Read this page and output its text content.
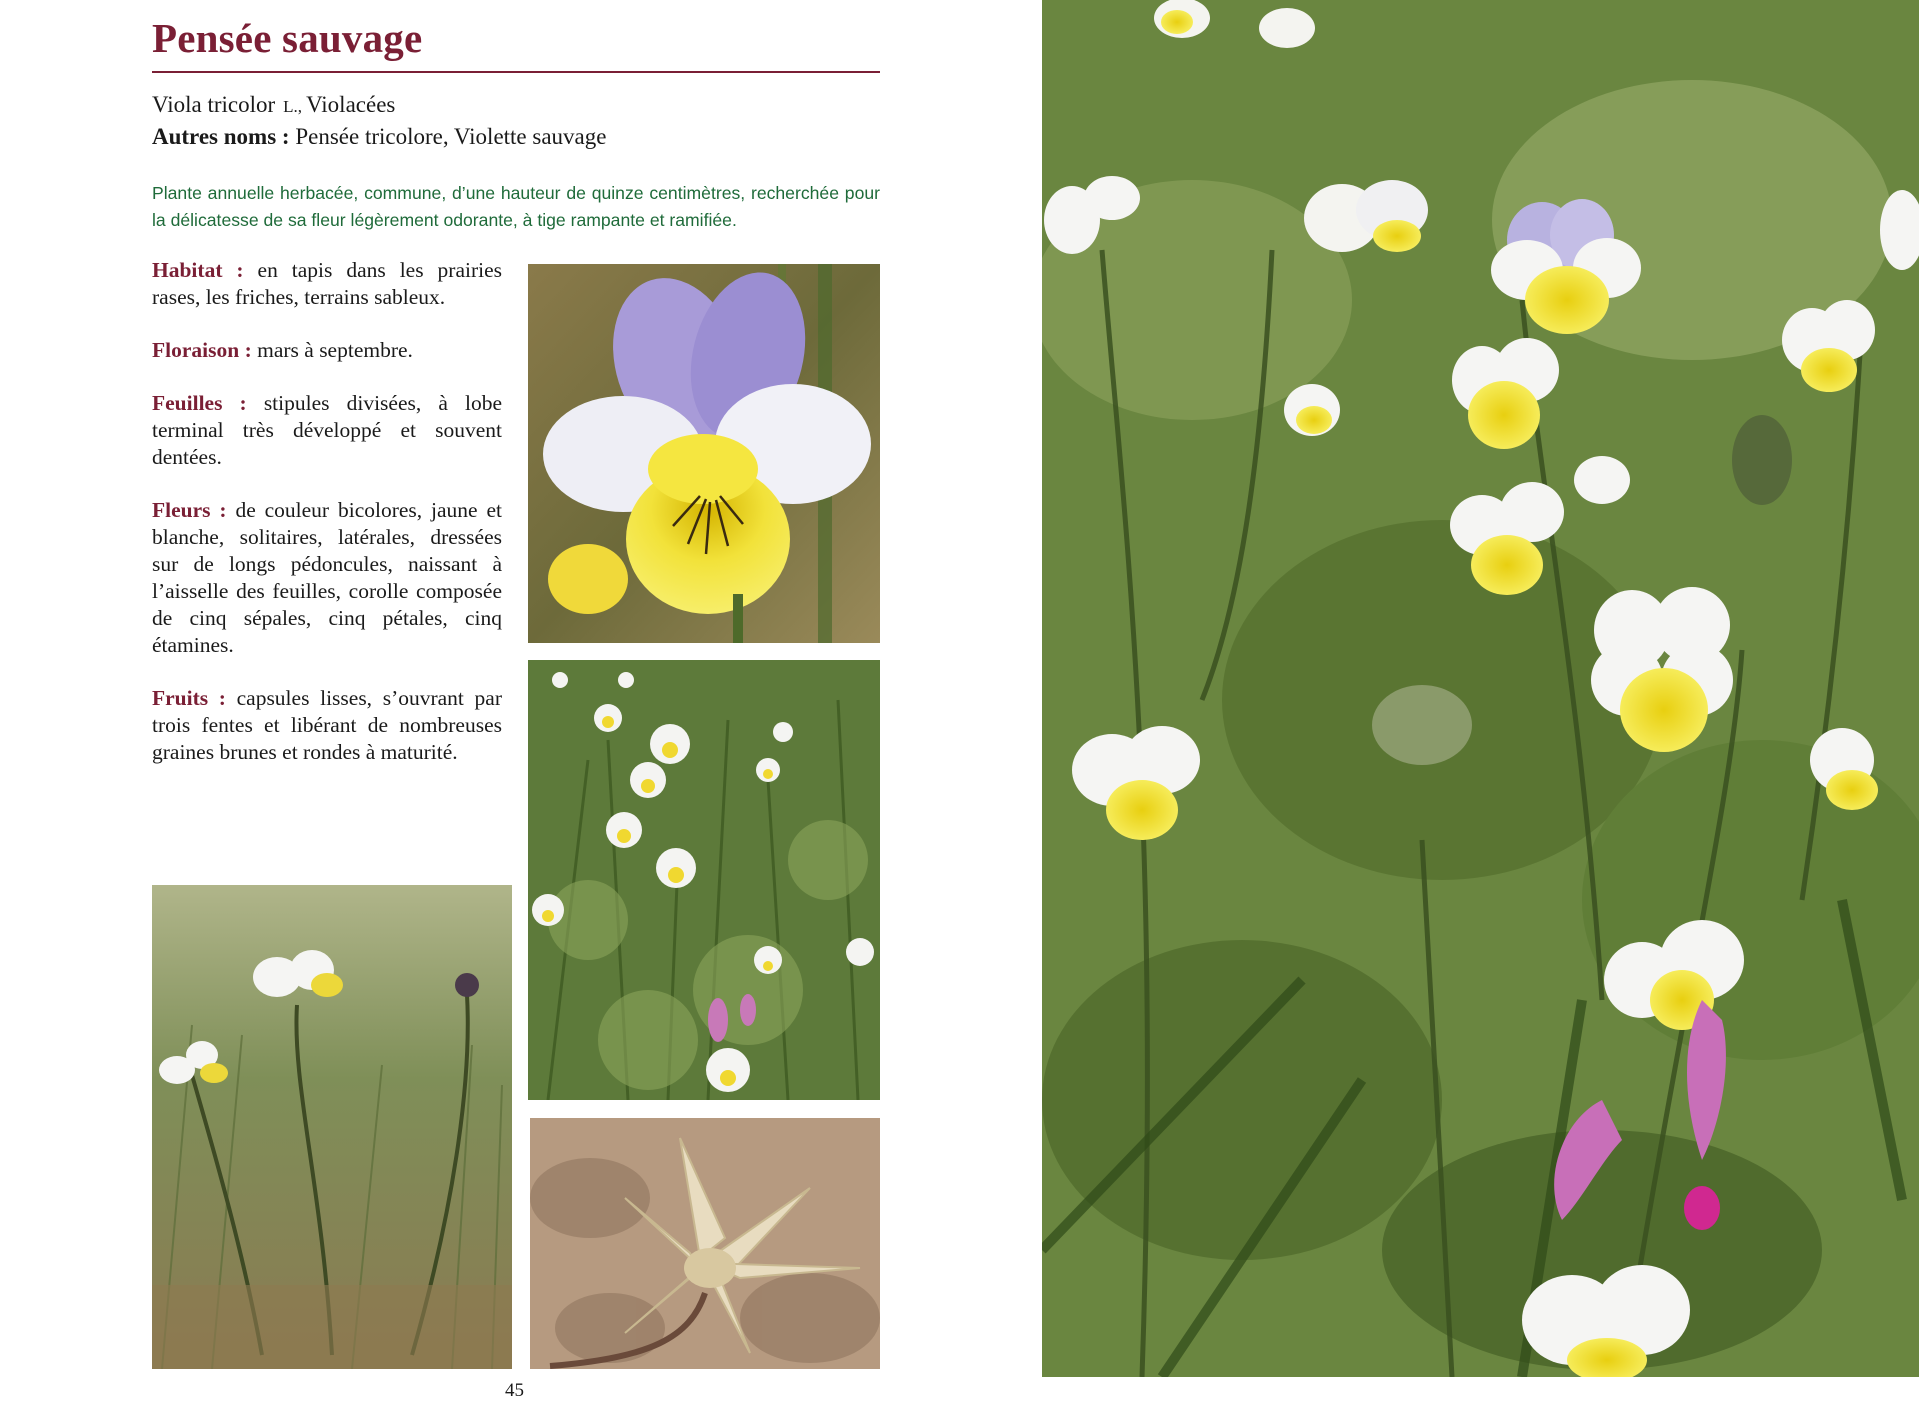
Pensée sauvage
Viola tricolor L., Violacées
Autres noms : Pensée tricolore, Violette sauvage
Plante annuelle herbacée, commune, d’une hauteur de quinze centimètres, recherchée pour la délicatesse de sa fleur légèrement odorante, à tige rampante et ramifiée.

Habitat : en tapis dans les prairies rases, les friches, terrains sableux.

Floraison : mars à septembre.

Feuilles : stipules divisées, à lobe terminal très développé et souvent dentées.

Fleurs : de couleur bicolores, jaune et blanche, solitaires, latérales, dressées sur de longs pédoncules, naissant à l’aisselle des feuilles, corolle composée de cinq sépales, cinq pétales, cinq étamines.

Fruits : capsules lisses, s’ouvrant par trois fentes et libérant de nombreuses graines brunes et rondes à maturité.

45
